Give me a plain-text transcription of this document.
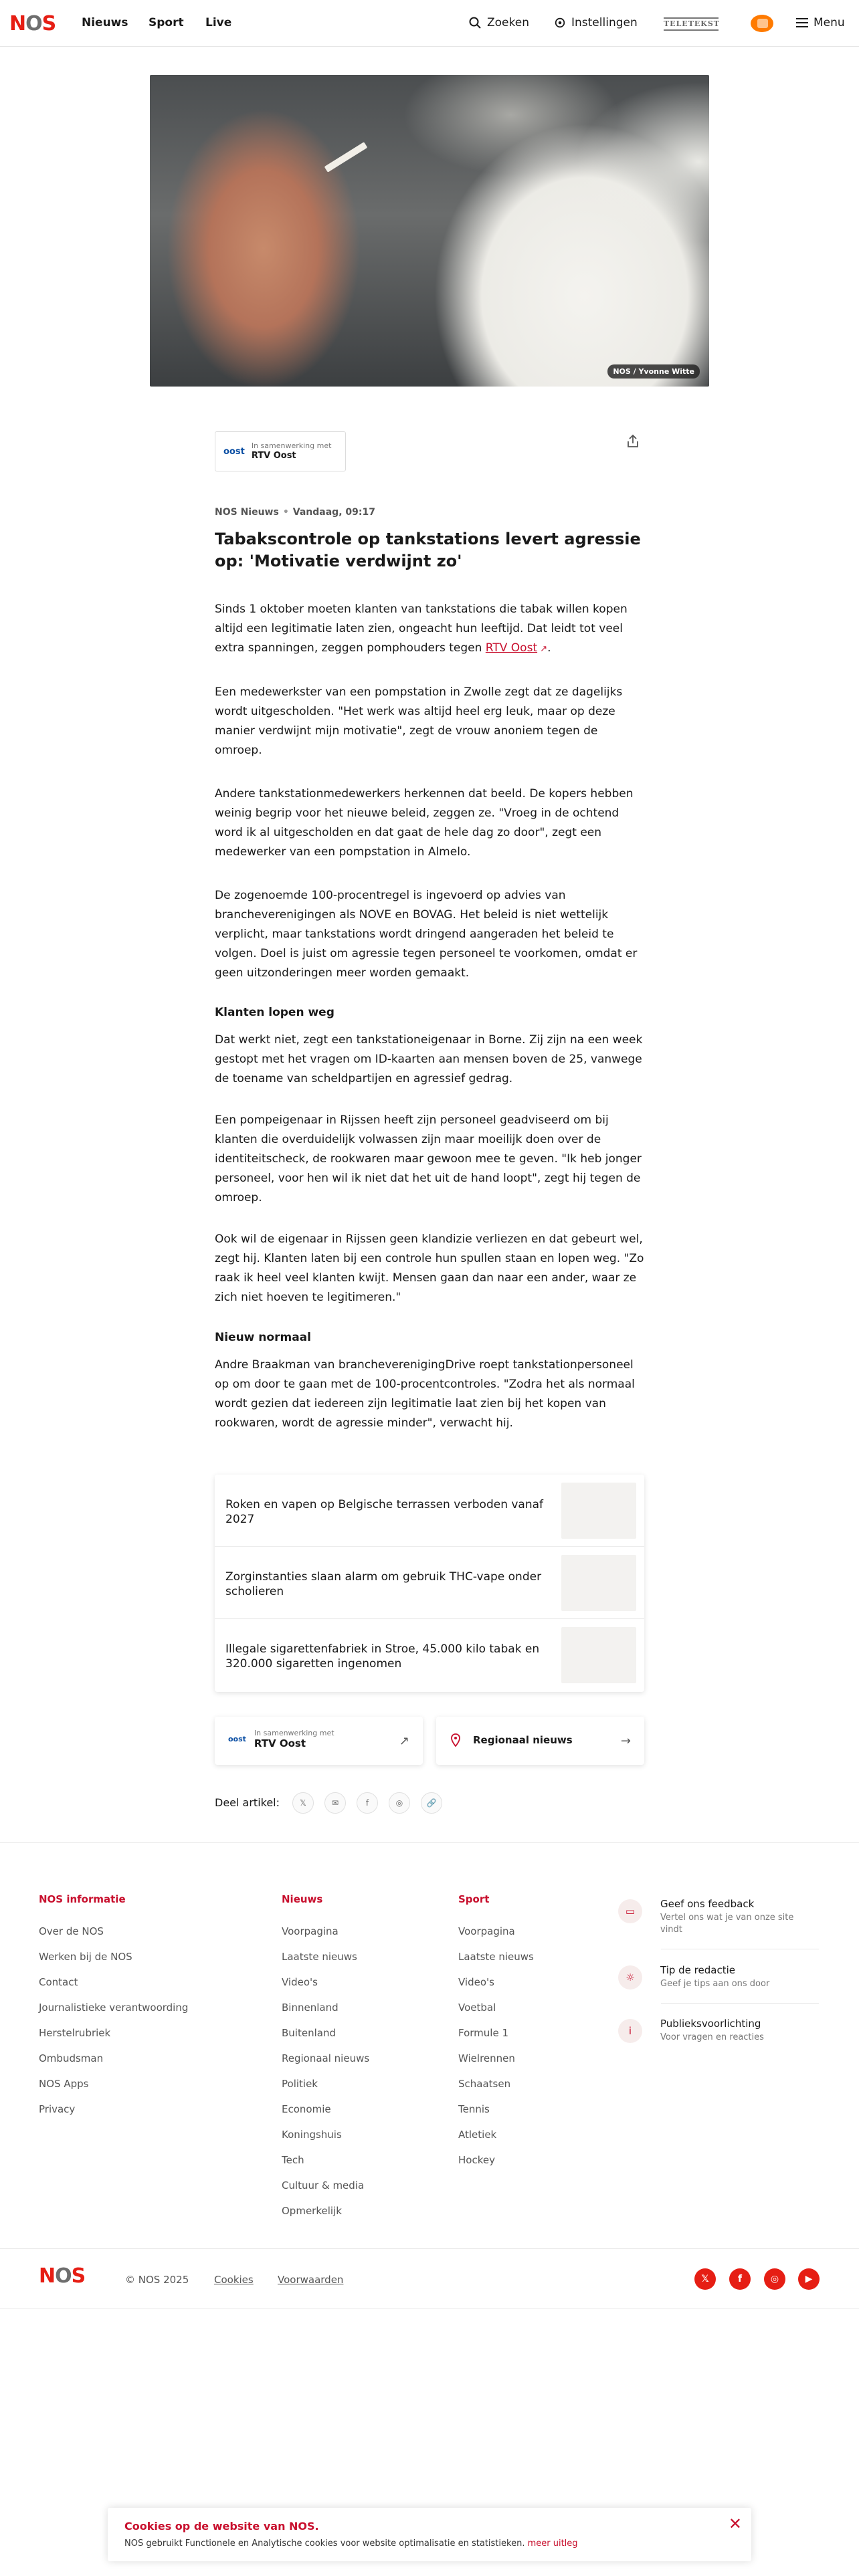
NOS Nieuws Sport Live	Zoeken	Instellingen	TELETEKST	Menu
NOS / Yvonne Witte
oost
In samenwerking met
RTV Oost
NOS Nieuws • Vandaag, 09:17
Tabakscontrole op tankstations levert agressie op: 'Motivatie verdwijnt zo'

Sinds 1 oktober moeten klanten van tankstations die tabak willen kopen altijd een legitimatie laten zien, ongeacht hun leeftijd. Dat leidt tot veel extra spanningen, zeggen pomphouders tegen RTV Oost ↗.

Een medewerkster van een pompstation in Zwolle zegt dat ze dagelijks wordt uitgescholden. "Het werk was altijd heel erg leuk, maar op deze manier verdwijnt mijn motivatie", zegt de vrouw anoniem tegen de omroep.

Andere tankstationmedewerkers herkennen dat beeld. De kopers hebben weinig begrip voor het nieuwe beleid, zeggen ze. "Vroeg in de ochtend word ik al uitgescholden en dat gaat de hele dag zo door", zegt een medewerker van een pompstation in Almelo.

De zogenoemde 100-procentregel is ingevoerd op advies van brancheverenigingen als NOVE en BOVAG. Het beleid is niet wettelijk verplicht, maar tankstations wordt dringend aangeraden het beleid te volgen. Doel is juist om agressie tegen personeel te voorkomen, omdat er geen uitzonderingen meer worden gemaakt.

Klanten lopen weg

Dat werkt niet, zegt een tankstationeigenaar in Borne. Zij zijn na een week gestopt met het vragen om ID-kaarten aan mensen boven de 25, vanwege de toename van scheldpartijen en agressief gedrag.

Een pompeigenaar in Rijssen heeft zijn personeel geadviseerd om bij klanten die overduidelijk volwassen zijn maar moeilijk doen over de identiteitscheck, de rookwaren maar gewoon mee te geven. "Ik heb jonger personeel, voor hen wil ik niet dat het uit de hand loopt", zegt hij tegen de omroep.

Ook wil de eigenaar in Rijssen geen klandizie verliezen en dat gebeurt wel, zegt hij. Klanten laten bij een controle hun spullen staan en lopen weg. "Zo raak ik heel veel klanten kwijt. Mensen gaan dan naar een ander, waar ze zich niet hoeven te legitimeren."

Nieuw normaal

Andre Braakman van brancheverenigingDrive roept tankstationpersoneel op om door te gaan met de 100-procentcontroles. "Zodra het als normaal wordt gezien dat iedereen zijn legitimatie laat zien bij het kopen van rookwaren, wordt de agressie minder", verwacht hij.

Roken en vapen op Belgische terrassen verboden vanaf 2027
Zorginstanties slaan alarm om gebruik THC-vape onder scholieren
Illegale sigarettenfabriek in Stroe, 45.000 kilo tabak en 320.000 sigaretten ingenomen
oost
In samenwerking met
RTV Oost	↗	Regionaal nieuws	→
Deel artikel:	𝕏	✉	f	◎	🔗
NOS informatie
Over de NOS
Werken bij de NOS
Contact
Journalistieke verantwoording
Herstelrubriek
Ombudsman
NOS Apps
Privacy
Nieuws
Voorpagina
Laatste nieuws
Video's
Binnenland
Buitenland
Regionaal nieuws
Politiek
Economie
Koningshuis
Tech
Cultuur & media
Opmerkelijk
Sport
Voorpagina
Laatste nieuws
Video's
Voetbal
Formule 1
Wielrennen
Schaatsen
Tennis
Atletiek
Hockey
▭
Geef ons feedback
Vertel ons wat je van onze site vindt
☼
Tip de redactie
Geef je tips aan ons door
i
Publieksvoorlichting
Voor vragen en reacties
NOS	© NOS 2025	Cookies Voorwaarden	𝕏	f	◎	▶
Cookies op de website van NOS.
NOS gebruikt Functionele en Analytische cookies voor website optimalisatie en statistieken. meer uitleg
✕
